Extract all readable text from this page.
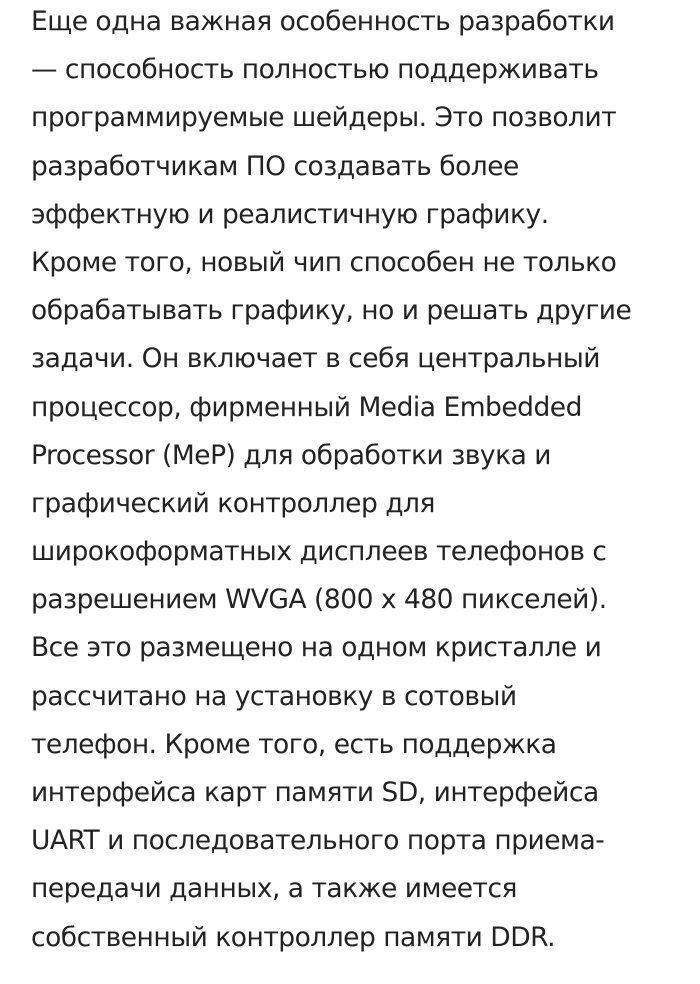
Еще одна важная особенность разработки
— способность полностью поддерживать
программируемые шейдеры. Это позволит
разработчикам ПО создавать более
эффектную и реалистичную графику.
Кроме того, новый чип способен не только
обрабатывать графику, но и решать другие
задачи. Он включает в себя центральный
процессор, фирменный Media Embedded
Processor (MeP) для обработки звука и
графический контроллер для
широкоформатных дисплеев телефонов с
разрешением WVGA (800 x 480 пикселей).
Все это размещено на одном кристалле и
рассчитано на установку в сотовый
телефон. Кроме того, есть поддержка
интерфейса карт памяти SD, интерфейса
UART и последовательного порта приема-
передачи данных, а также имеется
собственный контроллер памяти DDR.
